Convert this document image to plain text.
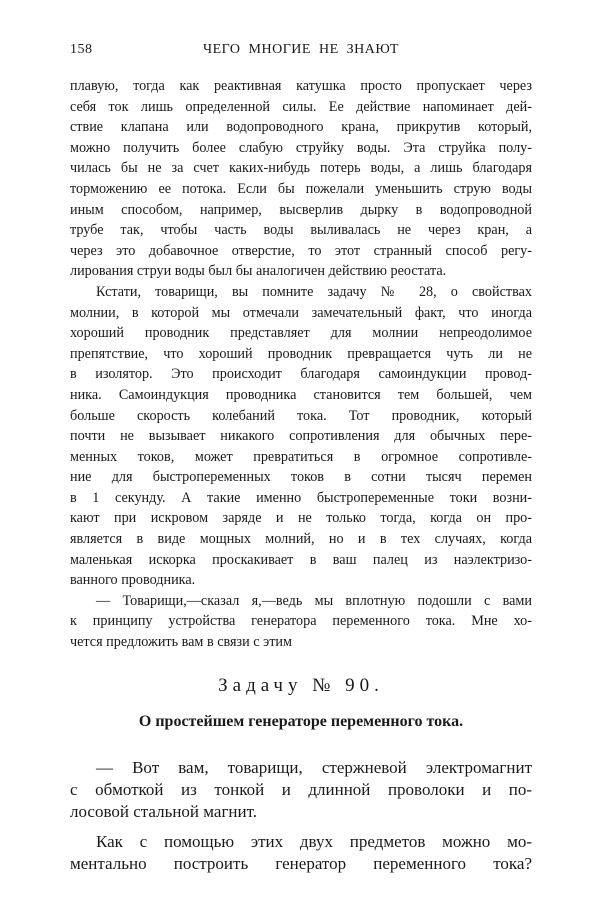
158	ЧЕГО МНОГИЕ НЕ ЗНАЮТ
плавую, тогда как реактивная катушка просто пропускает через
себя ток лишь определенной силы. Ее действие напоминает дей-
ствие клапана или водопроводного крана, прикрутив который,
можно получить более слабую струйку воды. Эта струйка полу-
чилась бы не за счет каких-нибудь потерь воды, а лишь благодаря
торможению ее потока. Если бы пожелали уменьшить струю воды
иным способом, например, высверлив дырку в водопроводной
трубе так, чтобы часть воды выливалась не через кран, а
через это добавочное отверстие, то этот странный способ регу-
лирования струи воды был бы аналогичен действию реостата.
Кстати, товарищи, вы помните задачу № 28, о свойствах
молнии, в которой мы отмечали замечательный факт, что иногда
хороший проводник представляет для молнии непреодолимое
препятствие, что хороший проводник превращается чуть ли не
в изолятор. Это происходит благодаря самоиндукции провод-
ника. Самоиндукция проводника становится тем большей, чем
больше скорость колебаний тока. Тот проводник, который
почти не вызывает никакого сопротивления для обычных пере-
менных токов, может превратиться в огромное сопротивле-
ние для быстропеременных токов в сотни тысяч перемен
в 1 секунду. А такие именно быстропеременные токи возни-
кают при искровом заряде и не только тогда, когда он про-
является в виде мощных молний, но и в тех случаях, когда
маленькая искорка проскакивает в ваш палец из наэлектризо-
ванного проводника.
— Товарищи,—сказал я,—ведь мы вплотную подошли с вами
к принципу устройства генератора переменного тока. Мне хо-
чется предложить вам в связи с этим
Задачу № 90.
О простейшем генераторе переменного тока.
— Вот вам, товарищи, стержневой электромагнит
с обмоткой из тонкой и длинной проволоки и по-
лосовой стальной магнит.
Как с помощью этих двух предметов можно мо-
ментально построить генератор переменного тока?
